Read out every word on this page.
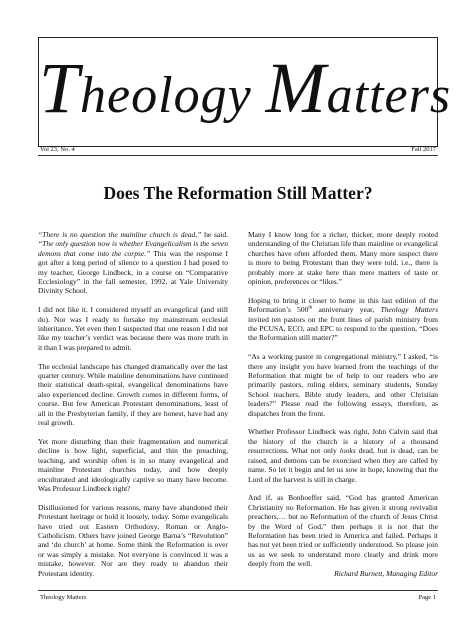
Theology Matters
Vol 23, No. 4	Fall 2017
Does The Reformation Still Matter?

“There is no question the mainline church is dead,” he said. “The only question now is whether Evangelicalism is the seven demons that come into the corpse.” This was the response I got after a long period of silence to a question I had posed to my teacher, George Lindbeck, in a course on “Comparative Ecclesiology” in the fall semester, 1992, at Yale University Divinity School.

I did not like it. I considered myself an evangelical (and still do). Nor was I ready to forsake my mainstream ecclesial inheritance. Yet even then I suspected that one reason I did not like my teacher’s verdict was because there was more truth in it than I was prepared to admit.

The ecclesial landscape has changed dramatically over the last quarter century. While mainline denominations have continued their statistical death-spiral, evangelical denominations have also experienced decline. Growth comes in different forms, of course. But few American Protestant denominations, least of all in the Presbyterian family, if they are honest, have had any real growth.

Yet more disturbing than their fragmentation and numerical decline is how light, superficial, and thin the preaching, teaching, and worship often is in so many evangelical and mainline Protestant churches today, and how deeply enculturated and ideologically captive so many have become. Was Professor Lindbeck right?

Disillusioned for various reasons, many have abandoned their Protestant heritage or hold it loosely, today. Some evangelicals have tried out Eastern Orthodoxy, Roman or Anglo-Catholicism. Others have joined George Barna’s “Revolution” and ‘do church’ at home. Some think the Reformation is over or was simply a mistake. Not everyone is convinced it was a mistake, however. Nor are they ready to abandon their Protestant identity.

Many I know long for a richer, thicker, more deeply rooted understanding of the Christian life than mainline or evangelical churches have often afforded them. Many more suspect there is more to being Protestant than they were told, i.e., there is probably more at stake here than mere matters of taste or opinion, preferences or “likes.”

Hoping to bring it closer to home in this last edition of the Reformation’s 500th anniversary year, Theology Matters invited ten pastors on the front lines of parish ministry from the PCUSA, ECO, and EPC to respond to the question, “Does the Reformation still matter?”

“As a working pastor in congregational ministry,” I asked, “is there any insight you have learned from the teachings of the Reformation that might be of help to our readers who are primarily pastors, ruling elders, seminary students, Sunday School teachers, Bible study leaders, and other Christian leaders?” Please read the following essays, therefore, as dispatches from the front.

Whether Professor Lindbeck was right, John Calvin said that the history of the church is a history of a thousand resurrections. What not only looks dead, but is dead, can be raised, and demons can be exorcised when they are called by name. So let it begin and let us sow in hope, knowing that the Lord of the harvest is still in charge.

And if, as Bonhoeffer said, “God has granted American Christianity no Reformation. He has given it strong revivalist preachers,… but no Reformation of the church of Jesus Christ by the Word of God,” then perhaps it is not that the Reformation has been tried in America and failed. Perhaps it has not yet been tried or sufficiently understood. So please join us as we seek to understand more clearly and drink more deeply from the well.

Richard Burnett, Managing Editor

Theology Matters	Page 1
